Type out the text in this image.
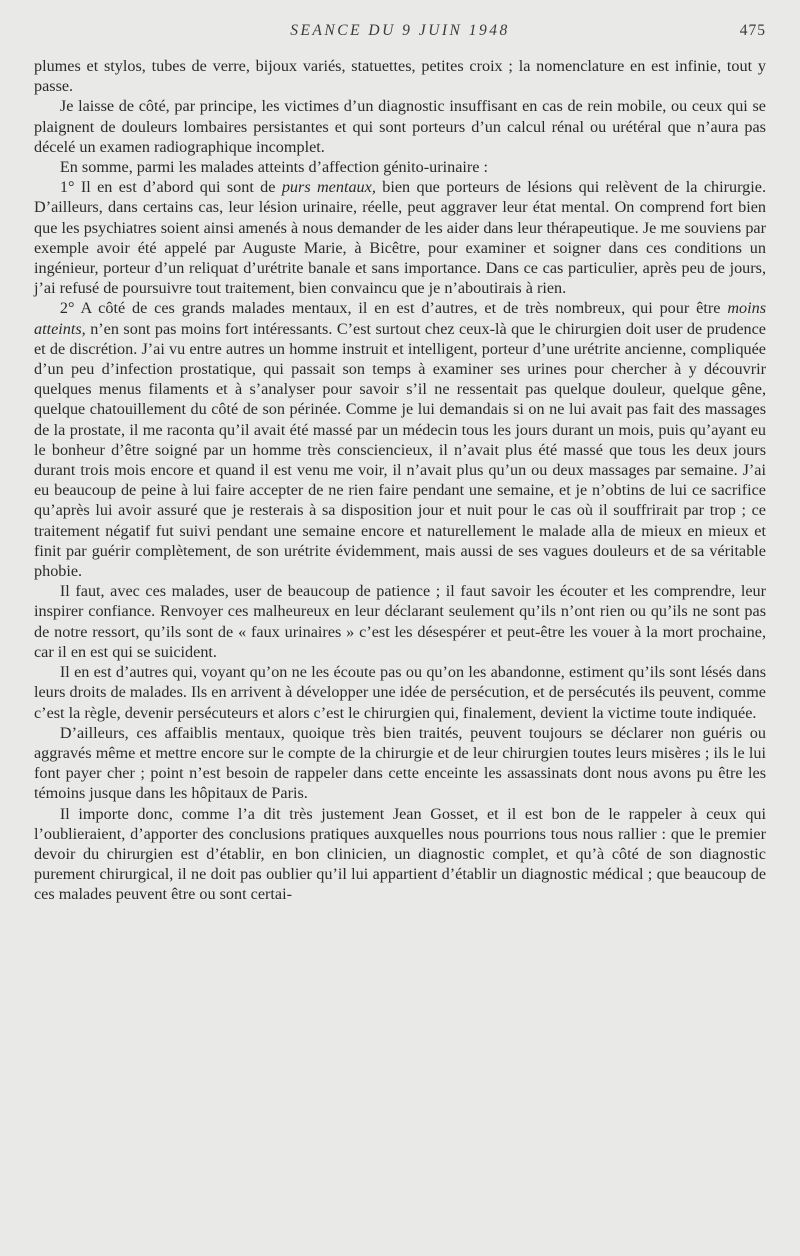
SEANCE DU 9 JUIN 1948	475

plumes et stylos, tubes de verre, bijoux variés, statuettes, petites croix ; la nomenclature en est infinie, tout y passe.

Je laisse de côté, par principe, les victimes d’un diagnostic insuffisant en cas de rein mobile, ou ceux qui se plaignent de douleurs lombaires persistantes et qui sont porteurs d’un calcul rénal ou urétéral que n’aura pas décelé un examen radiographique incomplet.

En somme, parmi les malades atteints d’affection génito-urinaire :

1° Il en est d’abord qui sont de purs mentaux, bien que porteurs de lésions qui relèvent de la chirurgie. D’ailleurs, dans certains cas, leur lésion urinaire, réelle, peut aggraver leur état mental. On comprend fort bien que les psychiatres soient ainsi amenés à nous demander de les aider dans leur thérapeutique. Je me souviens par exemple avoir été appelé par Auguste Marie, à Bicêtre, pour examiner et soigner dans ces conditions un ingénieur, porteur d’un reliquat d’urétrite banale et sans importance. Dans ce cas particulier, après peu de jours, j’ai refusé de poursuivre tout traitement, bien convaincu que je n’aboutirais à rien.

2° A côté de ces grands malades mentaux, il en est d’autres, et de très nombreux, qui pour être moins atteints, n’en sont pas moins fort intéressants. C’est surtout chez ceux-là que le chirurgien doit user de prudence et de discrétion. J’ai vu entre autres un homme instruit et intelligent, porteur d’une urétrite ancienne, compliquée d’un peu d’infection prostatique, qui passait son temps à examiner ses urines pour chercher à y découvrir quelques menus filaments et à s’analyser pour savoir s’il ne ressentait pas quelque douleur, quelque gêne, quelque chatouillement du côté de son périnée. Comme je lui demandais si on ne lui avait pas fait des massages de la prostate, il me raconta qu’il avait été massé par un médecin tous les jours durant un mois, puis qu’ayant eu le bonheur d’être soigné par un homme très consciencieux, il n’avait plus été massé que tous les deux jours durant trois mois encore et quand il est venu me voir, il n’avait plus qu’un ou deux massages par semaine. J’ai eu beaucoup de peine à lui faire accepter de ne rien faire pendant une semaine, et je n’obtins de lui ce sacrifice qu’après lui avoir assuré que je resterais à sa disposition jour et nuit pour le cas où il souffrirait par trop ; ce traitement négatif fut suivi pendant une semaine encore et naturellement le malade alla de mieux en mieux et finit par guérir complètement, de son urétrite évidemment, mais aussi de ses vagues douleurs et de sa véritable phobie.

Il faut, avec ces malades, user de beaucoup de patience ; il faut savoir les écouter et les comprendre, leur inspirer confiance. Renvoyer ces malheureux en leur déclarant seulement qu’ils n’ont rien ou qu’ils ne sont pas de notre ressort, qu’ils sont de « faux urinaires » c’est les désespérer et peut-être les vouer à la mort prochaine, car il en est qui se suicident.

Il en est d’autres qui, voyant qu’on ne les écoute pas ou qu’on les abandonne, estiment qu’ils sont lésés dans leurs droits de malades. Ils en arrivent à développer une idée de persécution, et de persécutés ils peuvent, comme c’est la règle, devenir persécuteurs et alors c’est le chirurgien qui, finalement, devient la victime toute indiquée.

D’ailleurs, ces affaiblis mentaux, quoique très bien traités, peuvent toujours se déclarer non guéris ou aggravés même et mettre encore sur le compte de la chirurgie et de leur chirurgien toutes leurs misères ; ils le lui font payer cher ; point n’est besoin de rappeler dans cette enceinte les assassinats dont nous avons pu être les témoins jusque dans les hôpitaux de Paris.

Il importe donc, comme l’a dit très justement Jean Gosset, et il est bon de le rappeler à ceux qui l’oublieraient, d’apporter des conclusions pratiques auxquelles nous pourrions tous nous rallier : que le premier devoir du chirurgien est d’établir, en bon clinicien, un diagnostic complet, et qu’à côté de son diagnostic purement chirurgical, il ne doit pas oublier qu’il lui appartient d’établir un diagnostic médical ; que beaucoup de ces malades peuvent être ou sont certai-
